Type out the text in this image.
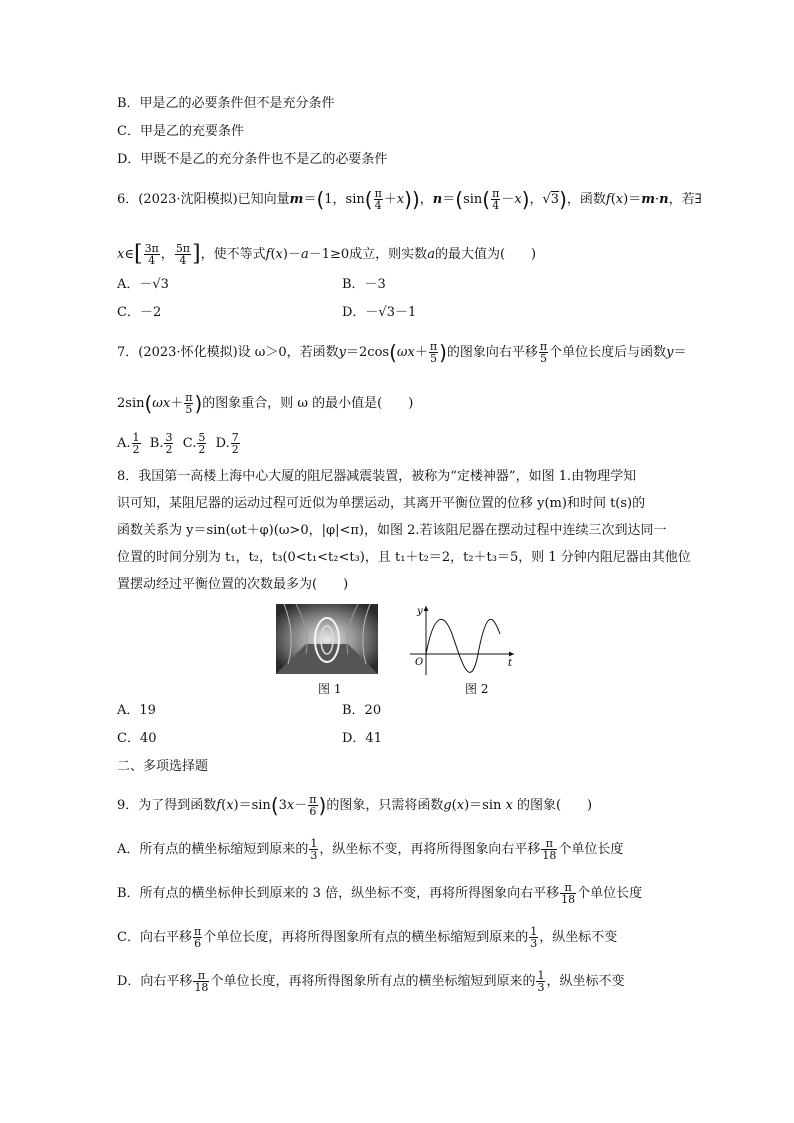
B．甲是乙的必要条件但不是充分条件
C．甲是乙的充要条件
D．甲既不是乙的充分条件也不是乙的必要条件
6．(2023·沈阳模拟)已知向量m＝(1，$\sin( \frac{\pi}{4} +x)$)，$n=(\sin( \frac{\pi}{4} -x)$，√3)，函数f(x)＝m·n，若∃
x∈[ $\frac{3\pi}{4}$ ， $\frac{5\pi}{4}$ ]，使不等式f(x)－a－1≥0成立，则实数a的最大值为(　　)
A．－√3	B．－3
C．－2	D．－√3－1
7．(2023·怀化模拟)设 ω＞0，若函数$y=2\cos(\omega x+ \frac{\pi}{5}$ )的图象向右平移 $\frac{\pi}{5}$ 个单位长度后与函数y＝
$2\sin(\omega x+ \frac{\pi}{5}$ )的图象重合，则 ω 的最小值是(　　)
A. $\frac{1}{2} B$. $\frac{3}{2} C$. $\frac{5}{2} D$. $\frac{7}{2}$
8．我国第一高楼上海中心大厦的阻尼器减震装置，被称为“定楼神器”，如图 1.由物理学知
识可知，某阻尼器的运动过程可近似为单摆运动，其离开平衡位置的位移 y(m)和时间 t(s)的
函数关系为 y＝sin(ωt＋φ)(ω>0，|φ|<π)，如图 2.若该阻尼器在摆动过程中连续三次到达同一
位置的时间分别为 t₁，t₂，t₃(0<t₁<t₂<t₃)，且 t₁＋t₂＝2，t₂＋t₃＝5，则 1 分钟内阻尼器由其他位
置摆动经过平衡位置的次数最多为(　　)
图 1
y
t
O
图 2
A．19	B．20
C．40	D．41
二、多项选择题
9．为了得到函数$f(x)=\sin(3x- \frac{\pi}{6}$ )的图象，只需将函数g(x)＝sin x 的图象(　　)
A．所有点的横坐标缩短到原来的 $\frac{1}{3}$ ，纵坐标不变，再将所得图象向右平移 $\frac{\pi}{18}$ 个单位长度
B．所有点的横坐标伸长到原来的 3 倍，纵坐标不变，再将所得图象向右平移 $\frac{\pi}{18}$ 个单位长度
C．向右平移 $\frac{\pi}{6}$ 个单位长度，再将所得图象所有点的横坐标缩短到原来的 $\frac{1}{3}$ ，纵坐标不变
D．向右平移 $\frac{\pi}{18}$ 个单位长度，再将所得图象所有点的横坐标缩短到原来的 $\frac{1}{3}$ ，纵坐标不变
